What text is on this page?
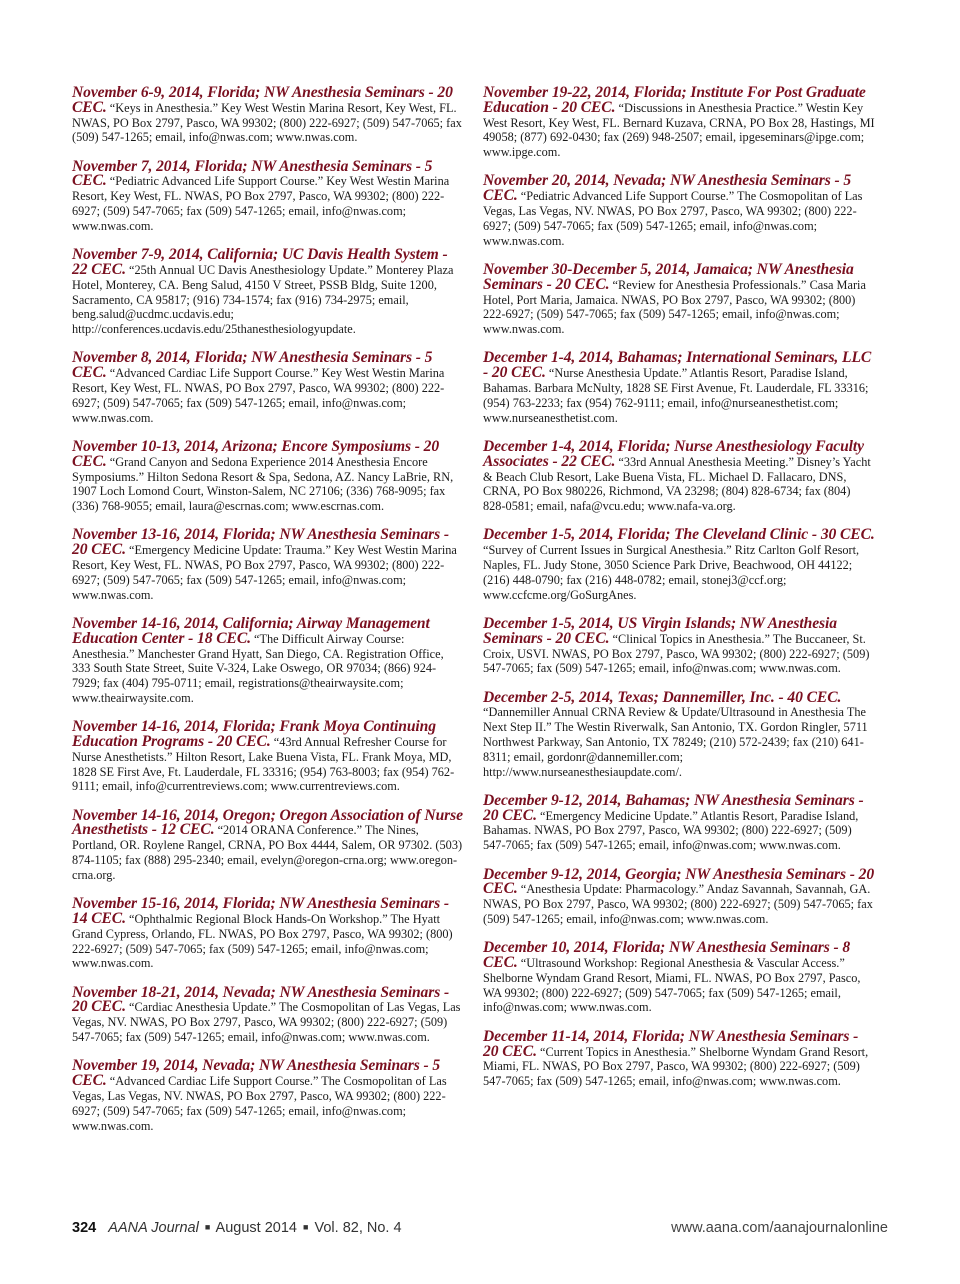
November 6-9, 2014, Florida; NW Anesthesia Seminars - 20 CEC. “Keys in Anesthesia.” Key West Westin Marina Resort, Key West, FL. NWAS, PO Box 2797, Pasco, WA 99302; (800) 222-6927; (509) 547-7065; fax (509) 547-1265; email, info@nwas.com; www.nwas.com.
November 7, 2014, Florida; NW Anesthesia Seminars - 5 CEC. “Pediatric Advanced Life Support Course.” Key West Westin Marina Resort, Key West, FL. NWAS, PO Box 2797, Pasco, WA 99302; (800) 222-6927; (509) 547-7065; fax (509) 547-1265; email, info@nwas.com; www.nwas.com.
November 7-9, 2014, California; UC Davis Health System - 22 CEC. “25th Annual UC Davis Anesthesiology Update.” Monterey Plaza Hotel, Monterey, CA. Beng Salud, 4150 V Street, PSSB Bldg, Suite 1200, Sacramento, CA 95817; (916) 734-1574; fax (916) 734-2975; email, beng.salud@ucdmc.ucdavis.edu; http://conferences.ucdavis.edu/25thanesthesiologyupdate.
November 8, 2014, Florida; NW Anesthesia Seminars - 5 CEC. “Advanced Cardiac Life Support Course.” Key West Westin Marina Resort, Key West, FL. NWAS, PO Box 2797, Pasco, WA 99302; (800) 222-6927; (509) 547-7065; fax (509) 547-1265; email, info@nwas.com; www.nwas.com.
November 10-13, 2014, Arizona; Encore Symposiums - 20 CEC. “Grand Canyon and Sedona Experience 2014 Anesthesia Encore Symposiums.” Hilton Sedona Resort & Spa, Sedona, AZ. Nancy LaBrie, RN, 1907 Loch Lomond Court, Winston-Salem, NC 27106; (336) 768-9095; fax (336) 768-9055; email, laura@escrnas.com; www.escrnas.com.
November 13-16, 2014, Florida; NW Anesthesia Seminars - 20 CEC. “Emergency Medicine Update: Trauma.” Key West Westin Marina Resort, Key West, FL. NWAS, PO Box 2797, Pasco, WA 99302; (800) 222-6927; (509) 547-7065; fax (509) 547-1265; email, info@nwas.com; www.nwas.com.
November 14-16, 2014, California; Airway Management Education Center - 18 CEC. “The Difficult Airway Course: Anesthesia.” Manchester Grand Hyatt, San Diego, CA. Registration Office, 333 South State Street, Suite V-324, Lake Oswego, OR 97034; (866) 924-7929; fax (404) 795-0711; email, registrations@theairwaysite.com; www.theairwaysite.com.
November 14-16, 2014, Florida; Frank Moya Continuing Education Programs - 20 CEC. “43rd Annual Refresher Course for Nurse Anesthetists.” Hilton Resort, Lake Buena Vista, FL. Frank Moya, MD, 1828 SE First Ave, Ft. Lauderdale, FL 33316; (954) 763-8003; fax (954) 762-9111; email, info@currentreviews.com; www.currentreviews.com.
November 14-16, 2014, Oregon; Oregon Association of Nurse Anesthetists - 12 CEC. “2014 ORANA Conference.” The Nines, Portland, OR. Roylene Rangel, CRNA, PO Box 4444, Salem, OR 97302. (503) 874-1105; fax (888) 295-2340; email, evelyn@oregon-crna.org; www.oregon-crna.org.
November 15-16, 2014, Florida; NW Anesthesia Seminars - 14 CEC. “Ophthalmic Regional Block Hands-On Workshop.” The Hyatt Grand Cypress, Orlando, FL. NWAS, PO Box 2797, Pasco, WA 99302; (800) 222-6927; (509) 547-7065; fax (509) 547-1265; email, info@nwas.com; www.nwas.com.
November 18-21, 2014, Nevada; NW Anesthesia Seminars - 20 CEC. “Cardiac Anesthesia Update.” The Cosmopolitan of Las Vegas, Las Vegas, NV. NWAS, PO Box 2797, Pasco, WA 99302; (800) 222-6927; (509) 547-7065; fax (509) 547-1265; email, info@nwas.com; www.nwas.com.
November 19, 2014, Nevada; NW Anesthesia Seminars - 5 CEC. “Advanced Cardiac Life Support Course.” The Cosmopolitan of Las Vegas, Las Vegas, NV. NWAS, PO Box 2797, Pasco, WA 99302; (800) 222-6927; (509) 547-7065; fax (509) 547-1265; email, info@nwas.com; www.nwas.com.
November 19-22, 2014, Florida; Institute For Post Graduate Education - 20 CEC. “Discussions in Anesthesia Practice.” Westin Key West Resort, Key West, FL. Bernard Kuzava, CRNA, PO Box 28, Hastings, MI 49058; (877) 692-0430; fax (269) 948-2507; email, ipgeseminars@ipge.com; www.ipge.com.
November 20, 2014, Nevada; NW Anesthesia Seminars - 5 CEC. “Pediatric Advanced Life Support Course.” The Cosmopolitan of Las Vegas, Las Vegas, NV. NWAS, PO Box 2797, Pasco, WA 99302; (800) 222-6927; (509) 547-7065; fax (509) 547-1265; email, info@nwas.com; www.nwas.com.
November 30-December 5, 2014, Jamaica; NW Anesthesia Seminars - 20 CEC. “Review for Anesthesia Professionals.” Casa Maria Hotel, Port Maria, Jamaica. NWAS, PO Box 2797, Pasco, WA 99302; (800) 222-6927; (509) 547-7065; fax (509) 547-1265; email, info@nwas.com; www.nwas.com.
December 1-4, 2014, Bahamas; International Seminars, LLC - 20 CEC. “Nurse Anesthesia Update.” Atlantis Resort, Paradise Island, Bahamas. Barbara McNulty, 1828 SE First Avenue, Ft. Lauderdale, FL 33316; (954) 763-2233; fax (954) 762-9111; email, info@nurseanesthetist.com; www.nurseanesthetist.com.
December 1-4, 2014, Florida; Nurse Anesthesiology Faculty Associates - 22 CEC. “33rd Annual Anesthesia Meeting.” Disney’s Yacht & Beach Club Resort, Lake Buena Vista, FL. Michael D. Fallacaro, DNS, CRNA, PO Box 980226, Richmond, VA 23298; (804) 828-6734; fax (804) 828-0581; email, nafa@vcu.edu; www.nafa-va.org.
December 1-5, 2014, Florida; The Cleveland Clinic - 30 CEC. “Survey of Current Issues in Surgical Anesthesia.” Ritz Carlton Golf Resort, Naples, FL. Judy Stone, 3050 Science Park Drive, Beachwood, OH 44122; (216) 448-0790; fax (216) 448-0782; email, stonej3@ccf.org; www.ccfcme.org/GoSurgAnes.
December 1-5, 2014, US Virgin Islands; NW Anesthesia Seminars - 20 CEC. “Clinical Topics in Anesthesia.” The Buccaneer, St. Croix, USVI. NWAS, PO Box 2797, Pasco, WA 99302; (800) 222-6927; (509) 547-7065; fax (509) 547-1265; email, info@nwas.com; www.nwas.com.
December 2-5, 2014, Texas; Dannemiller, Inc. - 40 CEC. “Dannemiller Annual CRNA Review & Update/Ultrasound in Anesthesia The Next Step II.” The Westin Riverwalk, San Antonio, TX. Gordon Ringler, 5711 Northwest Parkway, San Antonio, TX 78249; (210) 572-2439; fax (210) 641-8311; email, gordonr@dannemiller.com; http://www.nurseanesthesiaupdate.com/.
December 9-12, 2014, Bahamas; NW Anesthesia Seminars - 20 CEC. “Emergency Medicine Update.” Atlantis Resort, Paradise Island, Bahamas. NWAS, PO Box 2797, Pasco, WA 99302; (800) 222-6927; (509) 547-7065; fax (509) 547-1265; email, info@nwas.com; www.nwas.com.
December 9-12, 2014, Georgia; NW Anesthesia Seminars - 20 CEC. “Anesthesia Update: Pharmacology.” Andaz Savannah, Savannah, GA. NWAS, PO Box 2797, Pasco, WA 99302; (800) 222-6927; (509) 547-7065; fax (509) 547-1265; email, info@nwas.com; www.nwas.com.
December 10, 2014, Florida; NW Anesthesia Seminars - 8 CEC. “Ultrasound Workshop: Regional Anesthesia & Vascular Access.” Shelborne Wyndam Grand Resort, Miami, FL. NWAS, PO Box 2797, Pasco, WA 99302; (800) 222-6927; (509) 547-7065; fax (509) 547-1265; email, info@nwas.com; www.nwas.com.
December 11-14, 2014, Florida; NW Anesthesia Seminars - 20 CEC. “Current Topics in Anesthesia.” Shelborne Wyndam Grand Resort, Miami, FL. NWAS, PO Box 2797, Pasco, WA 99302; (800) 222-6927; (509) 547-7065; fax (509) 547-1265; email, info@nwas.com; www.nwas.com.
324 AANA Journal ■ August 2014 ■ Vol. 82, No. 4	www.aana.com/aanajournalonline
